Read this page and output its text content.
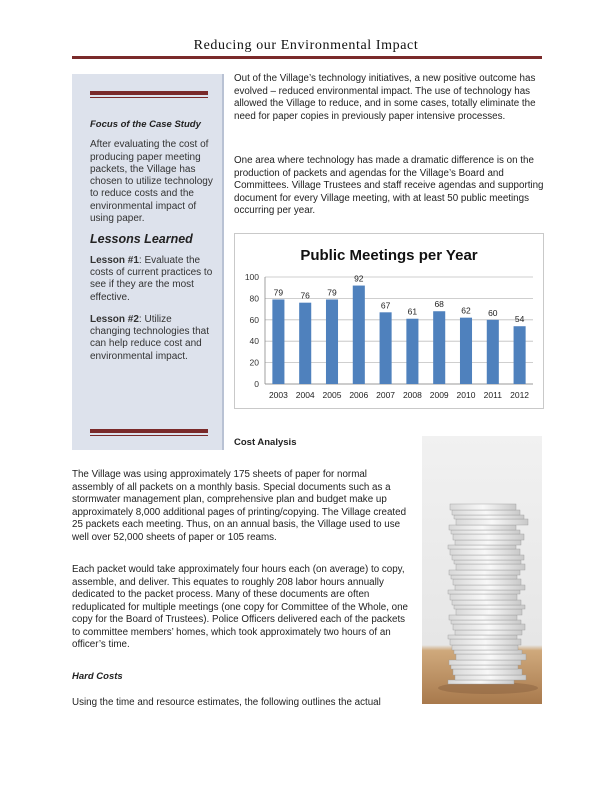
Reducing our Environmental Impact

Focus of the Case Study

After evaluating the cost of producing paper meeting packets, the Village has chosen to utilize technology to reduce costs and the environmental impact of using paper.

Lessons Learned

Lesson #1: Evaluate the costs of current practices to see if they are the most effective.

Lesson #2: Utilize changing technologies that can help reduce cost and environmental impact.

Out of the Village’s technology initiatives, a new positive outcome has evolved – reduced environmental impact. The use of technology has allowed the Village to reduce, and in some cases, totally eliminate the need for paper copies in previously paper intensive processes.
One area where technology has made a dramatic difference is on the production of packets and agendas for the Village’s Board and Committees. Village Trustees and staff receive agendas and supporting document for every Village meeting, with at least 50 public meetings occurring per year.
Public Meetings per Year
0
20
40
60
80
100
79
2003
76
2004
79
2005
92
2006
67
2007
61
2008
68
2009
62
2010
60
2011
54
2012
Cost Analysis
The Village was using approximately 175 sheets of paper for normal assembly of all packets on a monthly basis. Special documents such as a stormwater management plan, comprehensive plan and budget make up approximately 8,000 additional pages of printing/copying. The Village created 25 packets each meeting. Thus, on an annual basis, the Village used to use well over 52,000 sheets of paper or 105 reams.
Each packet would take approximately four hours each (on average) to copy, assemble, and deliver. This equates to roughly 208 labor hours annually dedicated to the packet process. Many of these documents are often reduplicated for multiple meetings (one copy for Committee of the Whole, one copy for the Board of Trustees). Police Officers delivered each of the packets to committee members’ homes, which took approximately two hours of an officer’s time.
Hard Costs
Using the time and resource estimates, the following outlines the actual
